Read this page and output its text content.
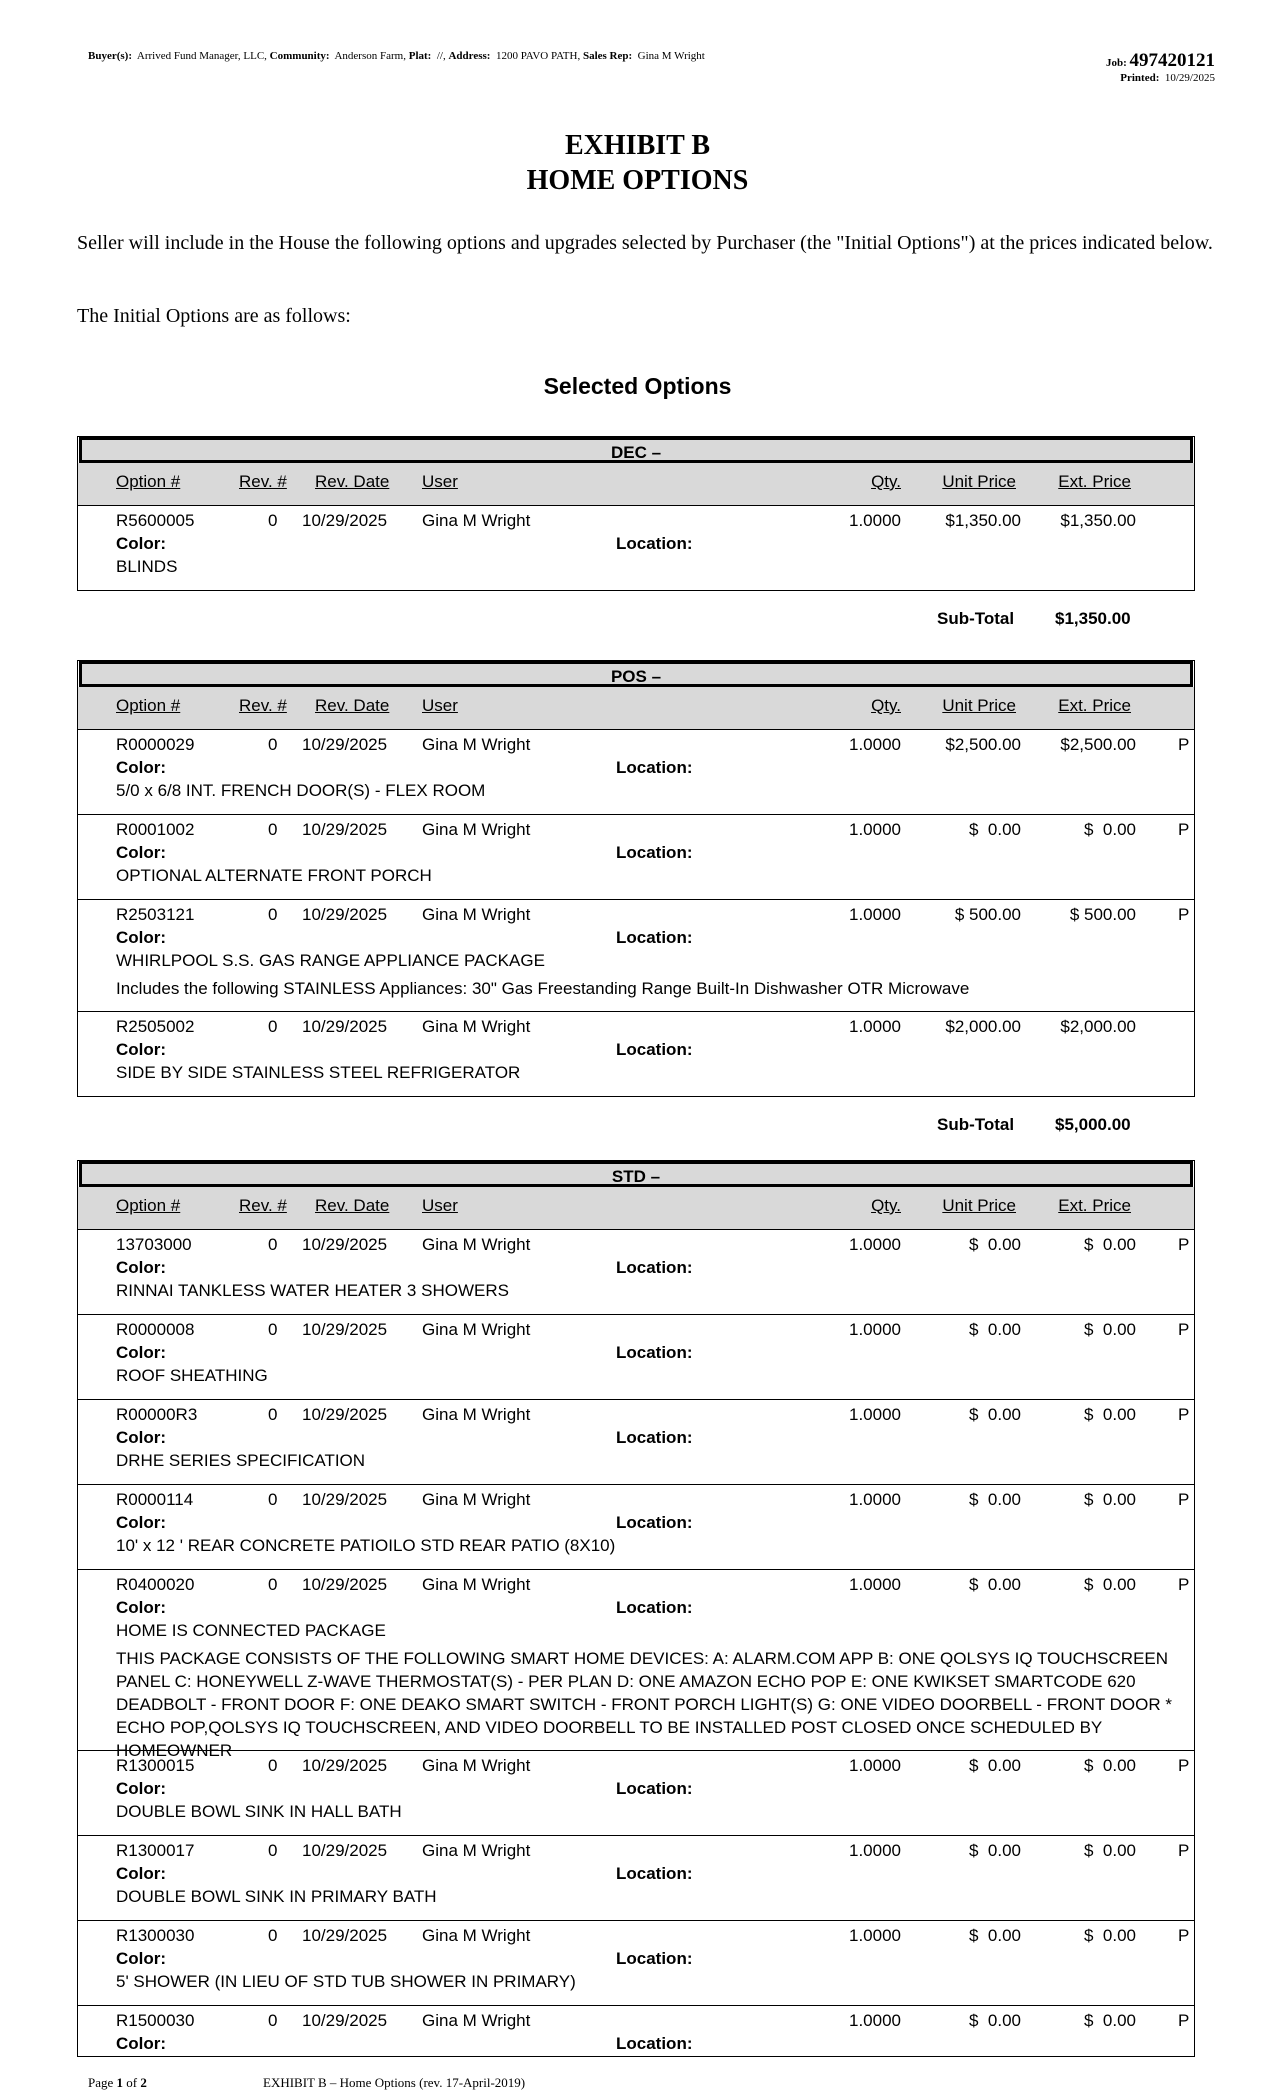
Buyer(s): Arrived Fund Manager, LLC, Community: Anderson Farm, Plat: //, Address: 1200 PAVO PATH, Sales Rep: Gina M Wright
Job: 497420121
Printed: 10/29/2025
EXHIBIT B
HOME OPTIONS
Seller will include in the House the following options and upgrades selected by Purchaser (the "Initial Options") at the prices indicated below.
The Initial Options are as follows:
Selected Options
DEC –
Option #	Rev. # Rev. Date User	Qty. Unit Price Ext. Price
R5600005	0 10/29/2025 Gina M Wright	1.0000	$1,350.00 $1,350.00
Color:	Location:
BLINDS
Sub-Total $1,350.00
POS –
Option #	Rev. # Rev. Date User	Qty. Unit Price Ext. Price
R0000029	0 10/29/2025 Gina M Wright	1.0000	$2,500.00 $2,500.00 P
Color:	Location:
5/0 x 6/8 INT. FRENCH DOOR(S) - FLEX ROOM
R0001002	0 10/29/2025 Gina M Wright	1.0000	$  0.00	$  0.00 P
Color:	Location:
OPTIONAL ALTERNATE FRONT PORCH
R2503121	0 10/29/2025 Gina M Wright	1.0000	$ 500.00	$ 500.00 P
Color:	Location:
WHIRLPOOL S.S. GAS RANGE APPLIANCE PACKAGE
Includes the following STAINLESS Appliances: 30" Gas Freestanding Range Built-In Dishwasher OTR Microwave
R2505002	0 10/29/2025 Gina M Wright	1.0000	$2,000.00 $2,000.00
Color:	Location:
SIDE BY SIDE STAINLESS STEEL REFRIGERATOR
Sub-Total $5,000.00
STD –
Option #	Rev. # Rev. Date User	Qty. Unit Price Ext. Price
13703000	0 10/29/2025 Gina M Wright	1.0000	$  0.00	$  0.00 P
Color:	Location:
RINNAI TANKLESS WATER HEATER 3 SHOWERS
R0000008	0 10/29/2025 Gina M Wright	1.0000	$  0.00	$  0.00 P
Color:	Location:
ROOF SHEATHING
R00000R3	0 10/29/2025 Gina M Wright	1.0000	$  0.00	$  0.00 P
Color:	Location:
DRHE SERIES SPECIFICATION
R0000114	0 10/29/2025 Gina M Wright	1.0000	$  0.00	$  0.00 P
Color:	Location:
10' x 12 ' REAR CONCRETE PATIOILO STD REAR PATIO (8X10)
R0400020	0 10/29/2025 Gina M Wright	1.0000	$  0.00	$  0.00 P
Color:	Location:
HOME IS CONNECTED PACKAGE
THIS PACKAGE CONSISTS OF THE FOLLOWING SMART HOME DEVICES: A: ALARM.COM APP B: ONE QOLSYS IQ TOUCHSCREEN PANEL C: HONEYWELL Z-WAVE THERMOSTAT(S) - PER PLAN D: ONE AMAZON ECHO POP E: ONE KWIKSET SMARTCODE 620 DEADBOLT - FRONT DOOR F: ONE DEAKO SMART SWITCH - FRONT PORCH LIGHT(S) G: ONE VIDEO DOORBELL - FRONT DOOR * ECHO POP,QOLSYS IQ TOUCHSCREEN, AND VIDEO DOORBELL TO BE INSTALLED POST CLOSED ONCE SCHEDULED BY HOMEOWNER
R1300015	0 10/29/2025 Gina M Wright	1.0000	$  0.00	$  0.00 P
Color:	Location:
DOUBLE BOWL SINK IN HALL BATH
R1300017	0 10/29/2025 Gina M Wright	1.0000	$  0.00	$  0.00 P
Color:	Location:
DOUBLE BOWL SINK IN PRIMARY BATH
R1300030	0 10/29/2025 Gina M Wright	1.0000	$  0.00	$  0.00 P
Color:	Location:
5' SHOWER (IN LIEU OF STD TUB SHOWER IN PRIMARY)
R1500030	0 10/29/2025 Gina M Wright	1.0000	$  0.00	$  0.00 P
Color:	Location:
Page 1 of 2	EXHIBIT B – Home Options (rev. 17-April-2019)
